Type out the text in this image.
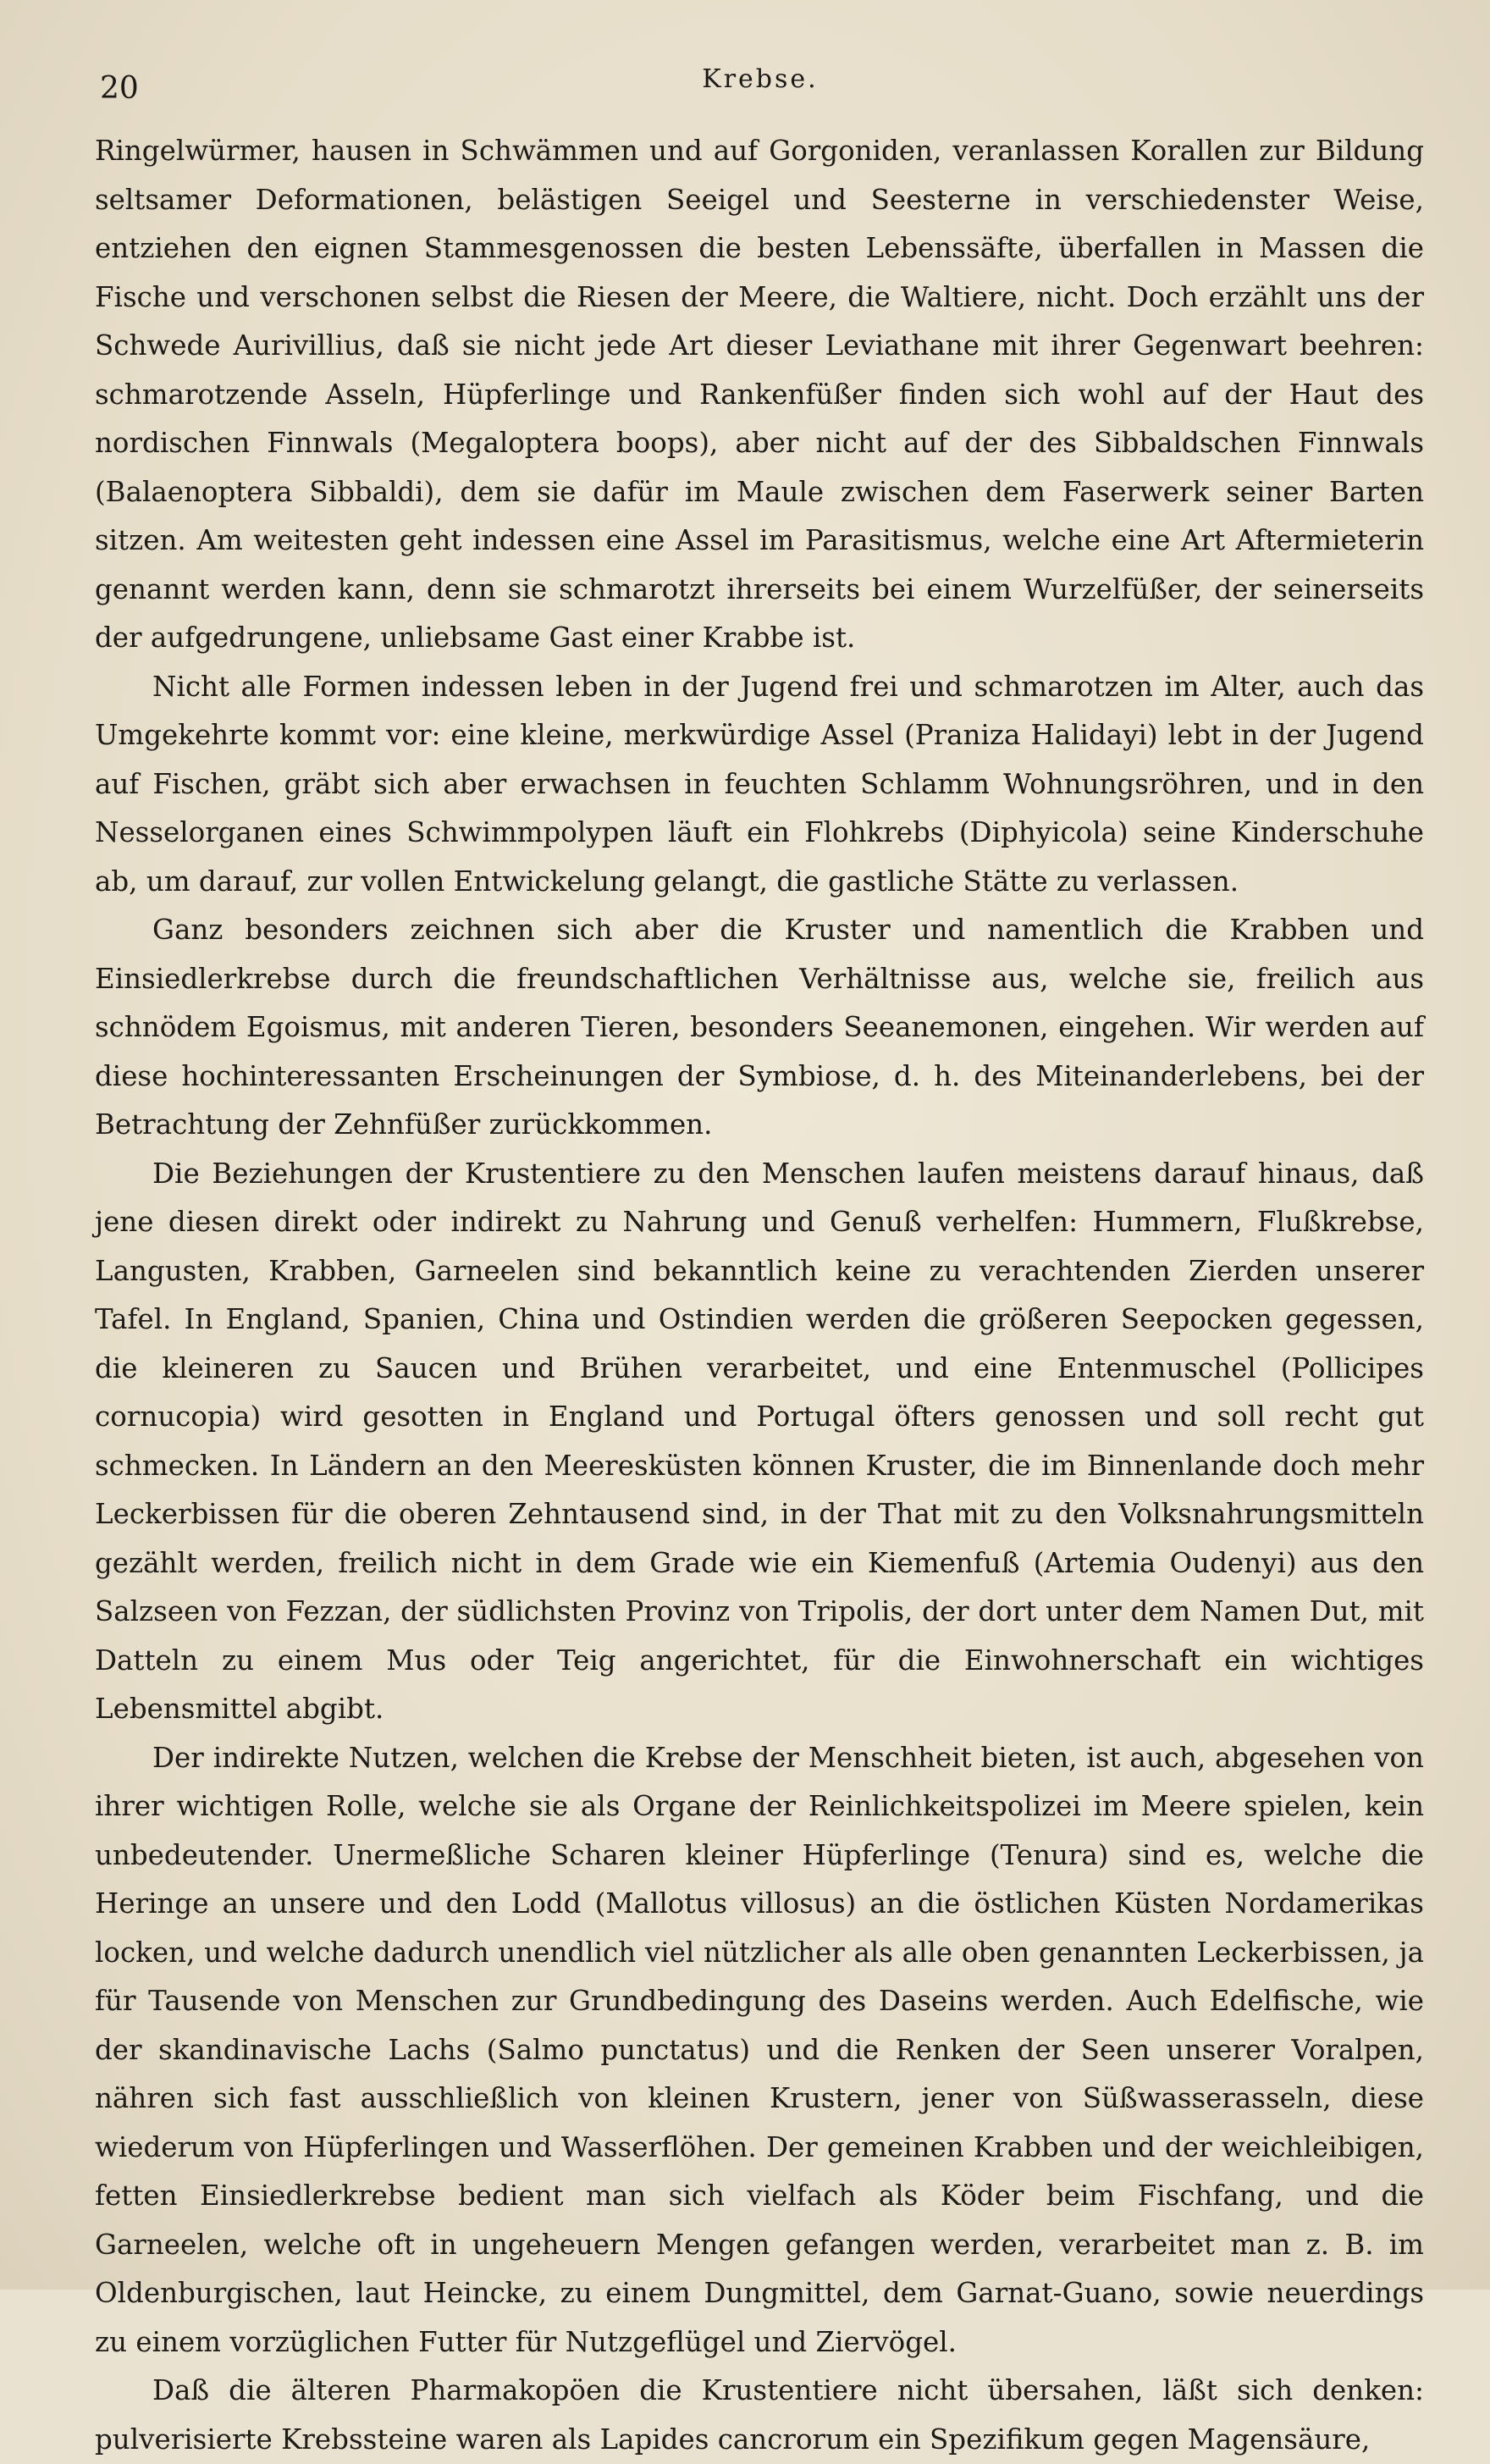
20	Krebse.

Ringelwürmer, hausen in Schwämmen und auf Gorgoniden, veranlassen Korallen zur Bildung seltsamer Deformationen, belästigen Seeigel und Seesterne in verschiedenster Weise, entziehen den eignen Stammesgenossen die besten Lebenssäfte, überfallen in Massen die Fische und verschonen selbst die Riesen der Meere, die Waltiere, nicht. Doch erzählt uns der Schwede Aurivillius, daß sie nicht jede Art dieser Leviathane mit ihrer Gegenwart beehren: schmarotzende Asseln, Hüpferlinge und Rankenfüßer finden sich wohl auf der Haut des nordischen Finnwals (Megaloptera boops), aber nicht auf der des Sibbaldschen Finnwals (Balaenoptera Sibbaldi), dem sie dafür im Maule zwischen dem Faserwerk seiner Barten sitzen. Am weitesten geht indessen eine Assel im Parasitismus, welche eine Art Aftermieterin genannt werden kann, denn sie schmarotzt ihrerseits bei einem Wurzelfüßer, der seinerseits der aufgedrungene, unliebsame Gast einer Krabbe ist.

Nicht alle Formen indessen leben in der Jugend frei und schmarotzen im Alter, auch das Umgekehrte kommt vor: eine kleine, merkwürdige Assel (Praniza Halidayi) lebt in der Jugend auf Fischen, gräbt sich aber erwachsen in feuchten Schlamm Wohnungsröhren, und in den Nesselorganen eines Schwimmpolypen läuft ein Flohkrebs (Diphyicola) seine Kinderschuhe ab, um darauf, zur vollen Entwickelung gelangt, die gastliche Stätte zu verlassen.

Ganz besonders zeichnen sich aber die Kruster und namentlich die Krabben und Einsiedlerkrebse durch die freundschaftlichen Verhältnisse aus, welche sie, freilich aus schnödem Egoismus, mit anderen Tieren, besonders Seeanemonen, eingehen. Wir werden auf diese hochinteressanten Erscheinungen der Symbiose, d. h. des Miteinanderlebens, bei der Betrachtung der Zehnfüßer zurückkommen.

Die Beziehungen der Krustentiere zu den Menschen laufen meistens darauf hinaus, daß jene diesen direkt oder indirekt zu Nahrung und Genuß verhelfen: Hummern, Flußkrebse, Langusten, Krabben, Garneelen sind bekanntlich keine zu verachtenden Zierden unserer Tafel. In England, Spanien, China und Ostindien werden die größeren Seepocken gegessen, die kleineren zu Saucen und Brühen verarbeitet, und eine Entenmuschel (Pollicipes cornucopia) wird gesotten in England und Portugal öfters genossen und soll recht gut schmecken. In Ländern an den Meeresküsten können Kruster, die im Binnenlande doch mehr Leckerbissen für die oberen Zehntausend sind, in der That mit zu den Volksnahrungsmitteln gezählt werden, freilich nicht in dem Grade wie ein Kiemenfuß (Artemia Oudenyi) aus den Salzseen von Fezzan, der südlichsten Provinz von Tripolis, der dort unter dem Namen Dut, mit Datteln zu einem Mus oder Teig angerichtet, für die Einwohnerschaft ein wichtiges Lebensmittel abgibt.

Der indirekte Nutzen, welchen die Krebse der Menschheit bieten, ist auch, abgesehen von ihrer wichtigen Rolle, welche sie als Organe der Reinlichkeitspolizei im Meere spielen, kein unbedeutender. Unermeßliche Scharen kleiner Hüpferlinge (Tenura) sind es, welche die Heringe an unsere und den Lodd (Mallotus villosus) an die östlichen Küsten Nordamerikas locken, und welche dadurch unendlich viel nützlicher als alle oben genannten Leckerbissen, ja für Tausende von Menschen zur Grundbedingung des Daseins werden. Auch Edelfische, wie der skandinavische Lachs (Salmo punctatus) und die Renken der Seen unserer Voralpen, nähren sich fast ausschließlich von kleinen Krustern, jener von Süßwasserasseln, diese wiederum von Hüpferlingen und Wasserflöhen. Der gemeinen Krabben und der weichleibigen, fetten Einsiedlerkrebse bedient man sich vielfach als Köder beim Fischfang, und die Garneelen, welche oft in ungeheuern Mengen gefangen werden, verarbeitet man z. B. im Oldenburgischen, laut Heincke, zu einem Dungmittel, dem Garnat-Guano, sowie neuerdings zu einem vorzüglichen Futter für Nutzgeflügel und Ziervögel.

Daß die älteren Pharmakopöen die Krustentiere nicht übersahen, läßt sich denken: pulverisierte Krebssteine waren als Lapides cancrorum ein Spezifikum gegen Magensäure,
